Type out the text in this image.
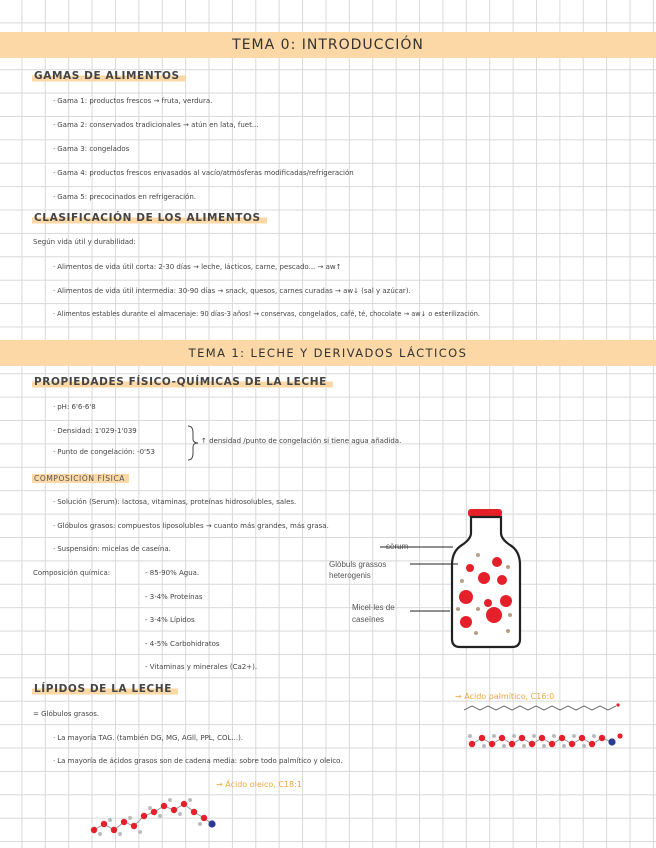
TEMA 0: INTRODUCCIÓN
GAMAS DE ALIMENTOS
· Gama 1: productos frescos → fruta, verdura.
· Gama 2: conservados tradicionales → atún en lata, fuet...
· Gama 3: congelados
· Gama 4: productos frescos envasados al vacío/atmósferas modificadas/refrigeración
· Gama 5: precocinados en refrigeración.
CLASIFICACIÓN DE LOS ALIMENTOS
Según vida útil y durabilidad:
· Alimentos de vida útil corta: 2-30 días → leche, lácticos, carne, pescado... → aw↑
· Alimentos de vida útil intermedia: 30-90 días → snack, quesos, carnes curadas → aw↓ (sal y azúcar).
· Alimentos estables durante el almacenaje: 90 días-3 años! → conservas, congelados, café, té, chocolate → aw↓ o esterilización.
TEMA 1: LECHE Y DERIVADOS LÁCTICOS
PROPIEDADES FÍSICO-QUÍMICAS DE LA LECHE
· pH: 6'6-6'8
· Densidad: 1'029-1'039
· Punto de congelación: -0'53
↑ densidad /punto de congelación si tiene agua añadida.
COMPOSICIÓN FÍSICA
· Solución (Serum): lactosa, vitaminas, proteínas hidrosolubles, sales.
· Glóbulos grasos: compuestos liposolubles → cuanto más grandes, más grasa.
· Suspensión: micelas de caseína.
Composición química:	- 85-90% Agua.
- 3-4% Proteínas
- 3-4% Lípidos
- 4-5% Carbohidratos
- Vitaminas y minerales (Ca2+).
sèrum
Glòbuls grassos
heterogenis
Micel·les de
caseïnes
LÍPIDOS DE LA LECHE
= Glóbulos grasos.
· La mayoría TAG. (también DG, MG, AGll, PPL, COL...).
· La mayoría de ácidos grasos son de cadena media: sobre todo palmítico y oleico.
→ Ácido palmítico, C16:0
→ Ácido oleico, C18:1
